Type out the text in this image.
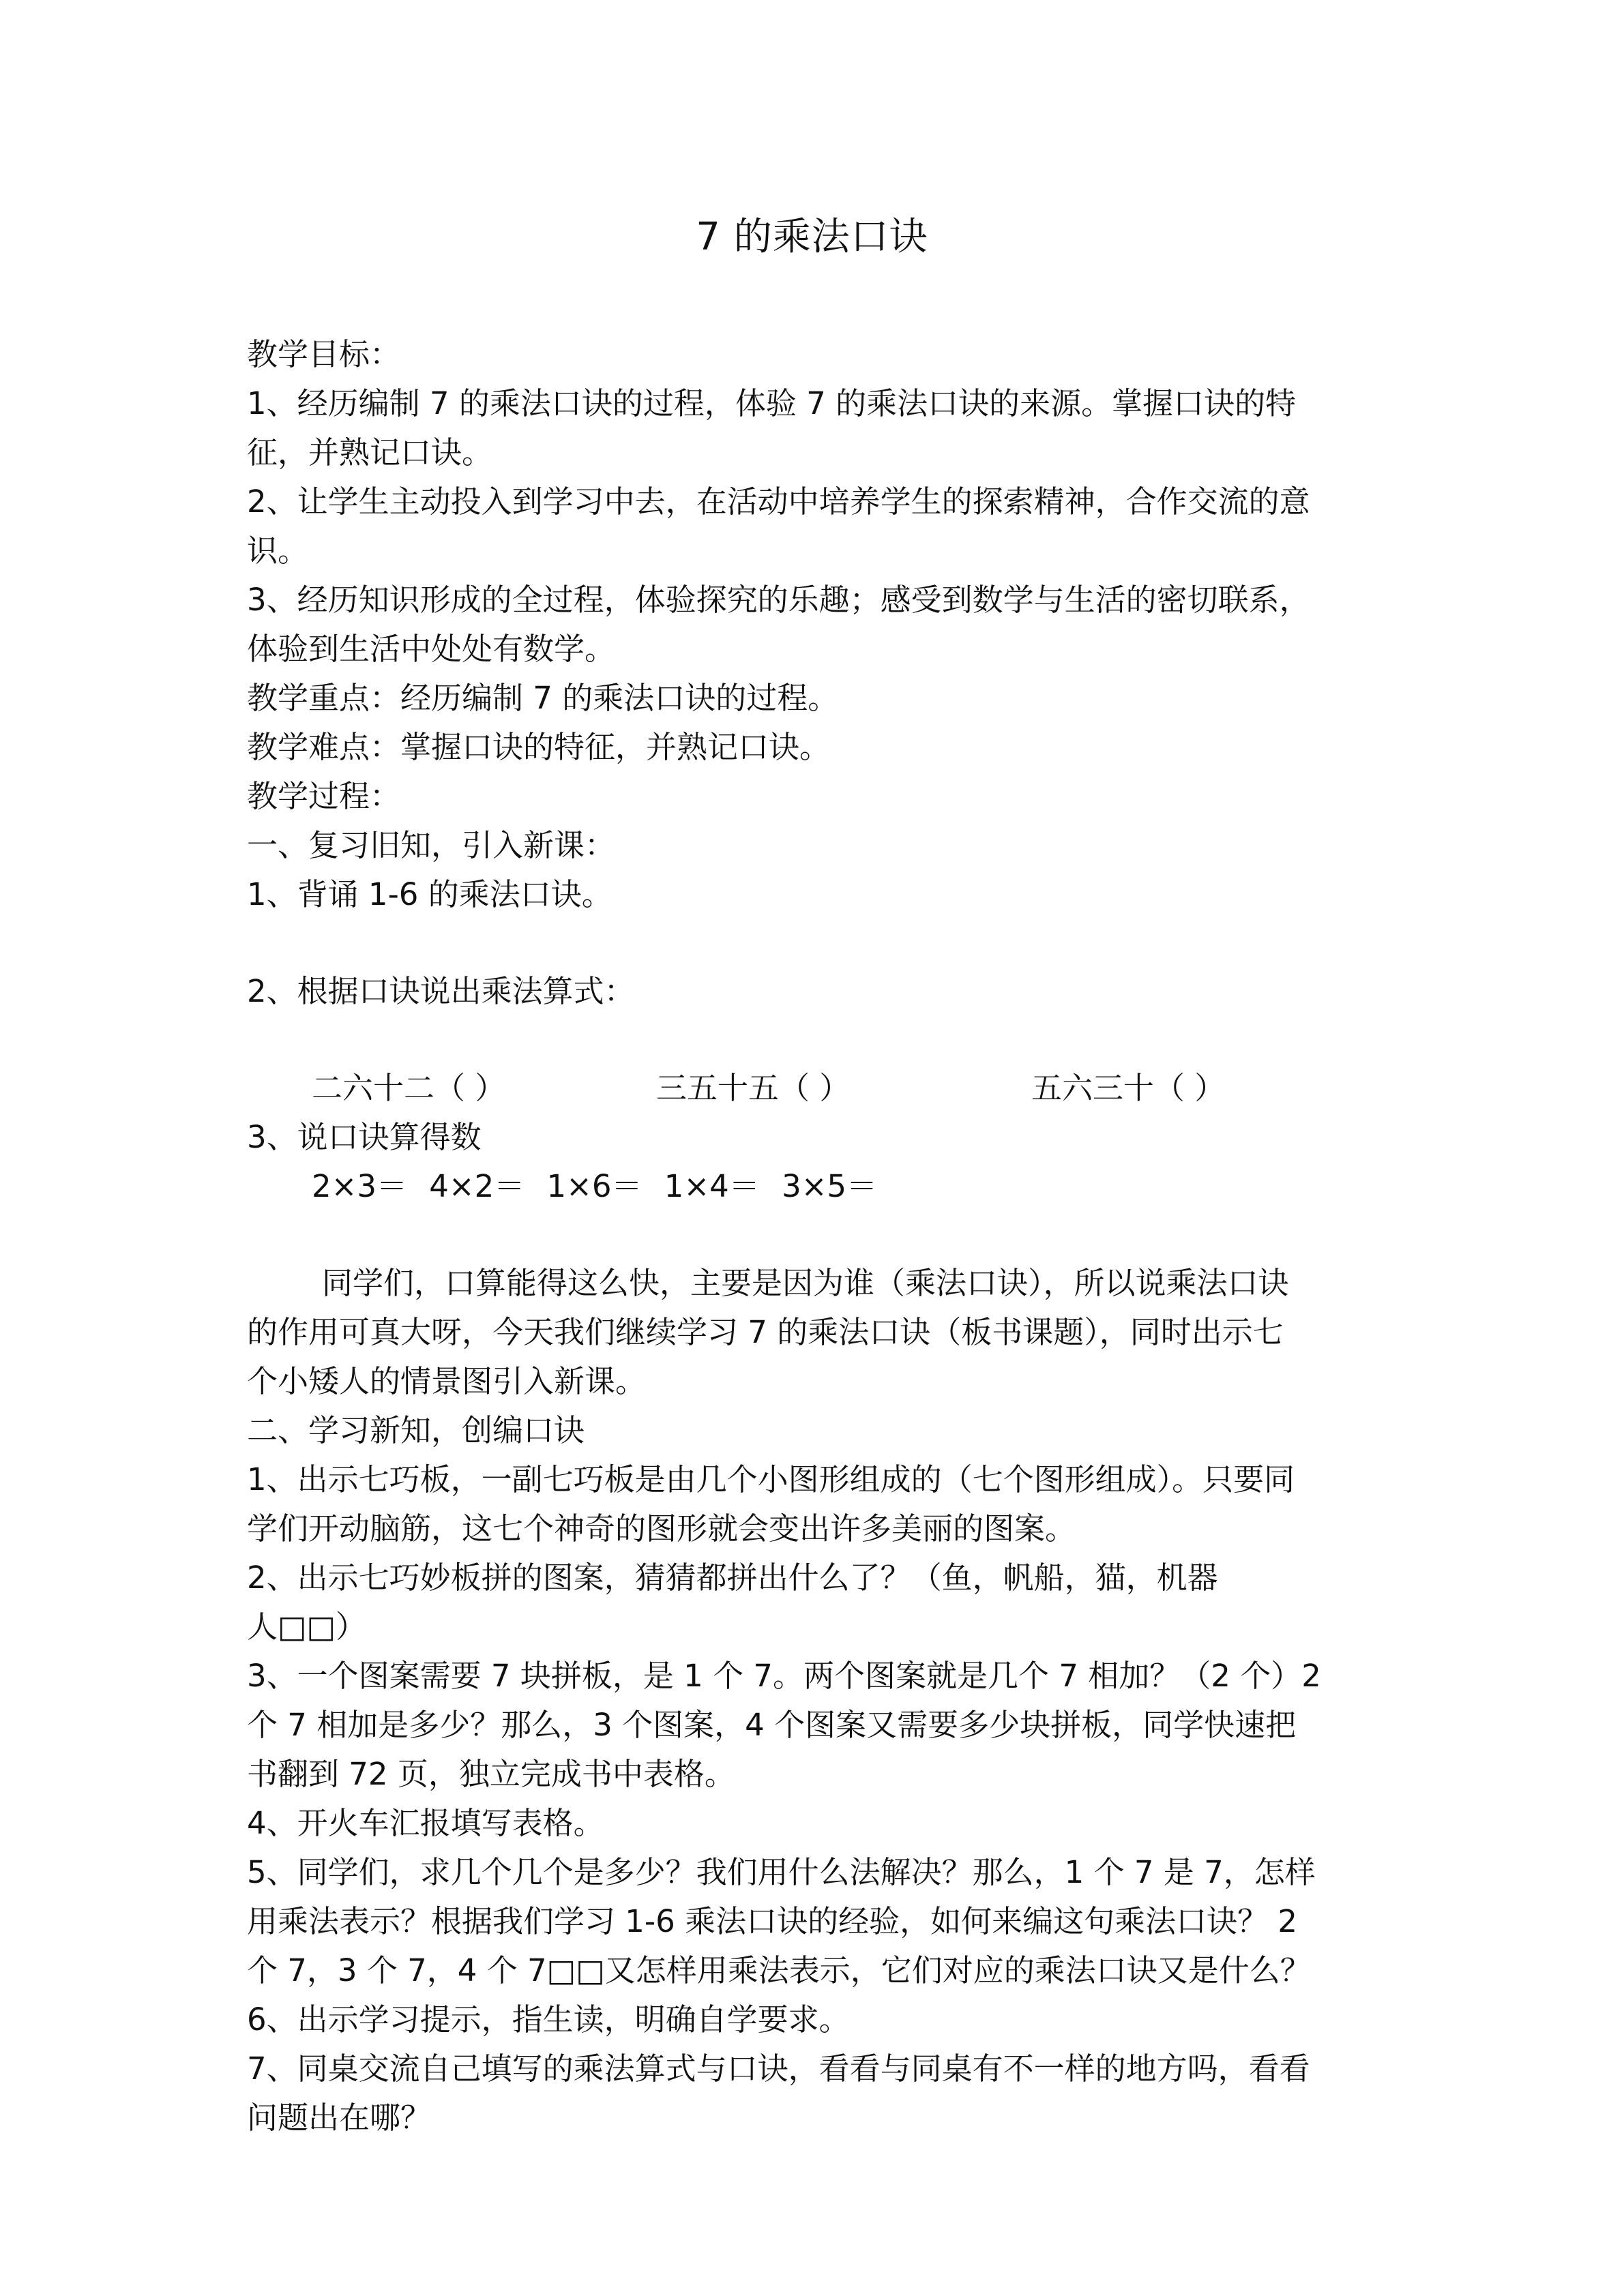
7 的乘法口诀
教学目标：
1、经历编制 7 的乘法口诀的过程，体验 7 的乘法口诀的来源。掌握口诀的特
征，并熟记口诀。
2、让学生主动投入到学习中去，在活动中培养学生的探索精神，合作交流的意
识。
3、经历知识形成的全过程，体验探究的乐趣；感受到数学与生活的密切联系，
体验到生活中处处有数学。
教学重点：经历编制 7 的乘法口诀的过程。
教学难点：掌握口诀的特征，并熟记口诀。
教学过程：
一、复习旧知，引入新课：
1、背诵 1-6 的乘法口诀。
2、根据口诀说出乘法算式：
二六十二（ ）	三五十五（ ）	五六三十（ ）
3、说口诀算得数
2×3＝ 4×2＝ 1×6＝ 1×4＝ 3×5＝
同学们，口算能得这么快，主要是因为谁（乘法口诀），所以说乘法口诀
的作用可真大呀，今天我们继续学习 7 的乘法口诀（板书课题），同时出示七
个小矮人的情景图引入新课。
二、学习新知，创编口诀
1、出示七巧板，一副七巧板是由几个小图形组成的（七个图形组成）。只要同
学们开动脑筋，这七个神奇的图形就会变出许多美丽的图案。
2、出示七巧妙板拼的图案，猜猜都拼出什么了？（鱼，帆船，猫，机器
人□□）
3、一个图案需要 7 块拼板，是 1 个 7。两个图案就是几个 7 相加？（2 个）2
个 7 相加是多少？那么，3 个图案，4 个图案又需要多少块拼板，同学快速把
书翻到 72 页，独立完成书中表格。
4、开火车汇报填写表格。
5、同学们，求几个几个是多少？我们用什么法解决？那么，1 个 7 是 7，怎样
用乘法表示？根据我们学习 1-6 乘法口诀的经验，如何来编这句乘法口诀？ 2
个 7，3 个 7，4 个 7□□又怎样用乘法表示，它们对应的乘法口诀又是什么？
6、出示学习提示，指生读，明确自学要求。
7、同桌交流自己填写的乘法算式与口诀，看看与同桌有不一样的地方吗，看看
问题出在哪？
